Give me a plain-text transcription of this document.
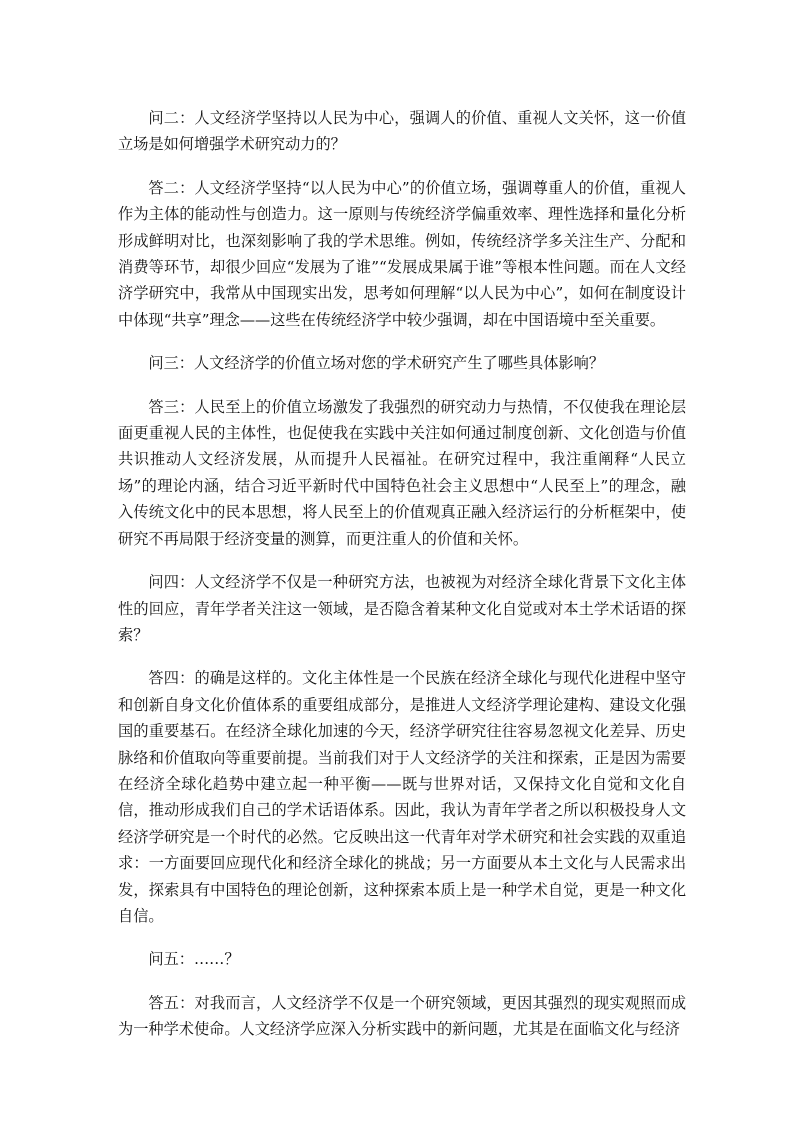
问二：人文经济学坚持以人民为中心，强调人的价值、重视人文关怀，这一价值立场是如何增强学术研究动力的？

答二：人文经济学坚持“以人民为中心”的价值立场，强调尊重人的价值，重视人作为主体的能动性与创造力。这一原则与传统经济学偏重效率、理性选择和量化分析形成鲜明对比，也深刻影响了我的学术思维。例如，传统经济学多关注生产、分配和消费等环节，却很少回应“发展为了谁”“发展成果属于谁”等根本性问题。而在人文经济学研究中，我常从中国现实出发，思考如何理解“以人民为中心”，如何在制度设计中体现“共享”理念——这些在传统经济学中较少强调，却在中国语境中至关重要。

问三：人文经济学的价值立场对您的学术研究产生了哪些具体影响？

答三：人民至上的价值立场激发了我强烈的研究动力与热情，不仅使我在理论层面更重视人民的主体性，也促使我在实践中关注如何通过制度创新、文化创造与价值共识推动人文经济发展，从而提升人民福祉。在研究过程中，我注重阐释“人民立场”的理论内涵，结合习近平新时代中国特色社会主义思想中“人民至上”的理念，融入传统文化中的民本思想，将人民至上的价值观真正融入经济运行的分析框架中，使研究不再局限于经济变量的测算，而更注重人的价值和关怀。

问四：人文经济学不仅是一种研究方法，也被视为对经济全球化背景下文化主体性的回应，青年学者关注这一领域，是否隐含着某种文化自觉或对本土学术话语的探索？

答四：的确是这样的。文化主体性是一个民族在经济全球化与现代化进程中坚守和创新自身文化价值体系的重要组成部分，是推进人文经济学理论建构、建设文化强国的重要基石。在经济全球化加速的今天，经济学研究往往容易忽视文化差异、历史脉络和价值取向等重要前提。当前我们对于人文经济学的关注和探索，正是因为需要在经济全球化趋势中建立起一种平衡——既与世界对话，又保持文化自觉和文化自信，推动形成我们自己的学术话语体系。因此，我认为青年学者之所以积极投身人文经济学研究是一个时代的必然。它反映出这一代青年对学术研究和社会实践的双重追求：一方面要回应现代化和经济全球化的挑战；另一方面要从本土文化与人民需求出发，探索具有中国特色的理论创新，这种探索本质上是一种学术自觉，更是一种文化自信。

问五：……？

答五：对我而言，人文经济学不仅是一个研究领域，更因其强烈的现实观照而成为一种学术使命。人文经济学应深入分析实践中的新问题，尤其是在面临文化与经济
